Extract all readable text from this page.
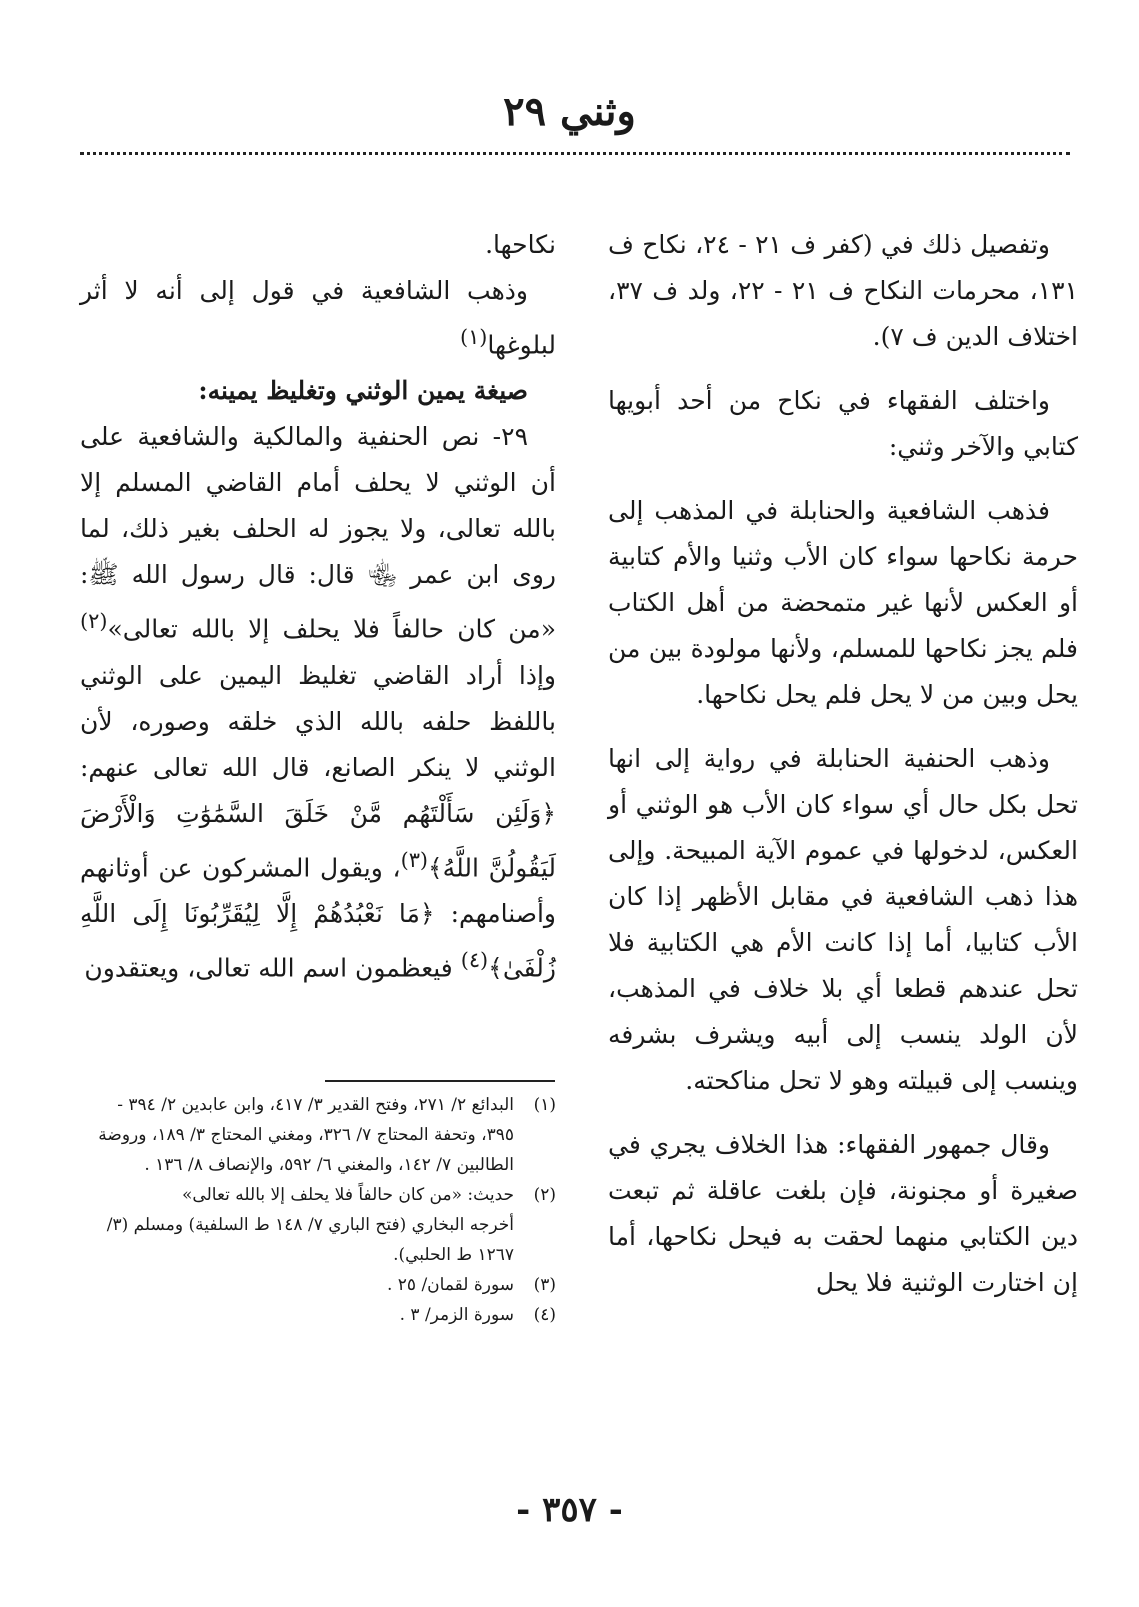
وثني ٢٩

وتفصيل ذلك في (كفر ف ٢١ - ٢٤، نكاح ف ١٣١، محرمات النكاح ف ٢١ - ٢٢، ولد ف ٣٧، اختلاف الدين ف ٧).

واختلف الفقهاء في نكاح من أحد أبويها كتابي والآخر وثني:

فذهب الشافعية والحنابلة في المذهب إلى حرمة نكاحها سواء كان الأب وثنيا والأم كتابية أو العكس لأنها غير متمحضة من أهل الكتاب فلم يجز نكاحها للمسلم، ولأنها مولودة بين من يحل وبين من لا يحل فلم يحل نكاحها.

وذهب الحنفية الحنابلة في رواية إلى انها تحل بكل حال أي سواء كان الأب هو الوثني أو العكس، لدخولها في عموم الآية المبيحة. وإلى هذا ذهب الشافعية في مقابل الأظهر إذا كان الأب كتابيا، أما إذا كانت الأم هي الكتابية فلا تحل عندهم قطعا أي بلا خلاف في المذهب، لأن الولد ينسب إلى أبيه ويشرف بشرفه وينسب إلى قبيلته وهو لا تحل مناكحته.

وقال جمهور الفقهاء: هذا الخلاف يجري في صغيرة أو مجنونة، فإن بلغت عاقلة ثم تبعت دين الكتابي منهما لحقت به فيحل نكاحها، أما إن اختارت الوثنية فلا يحل

نكاحها.

وذهب الشافعية في قول إلى أنه لا أثر لبلوغها$^{(١)}$

صيغة يمين الوثني وتغليظ يمينه:

٢٩- نص الحنفية والمالكية والشافعية على أن الوثني لا يحلف أمام القاضي المسلم إلا بالله تعالى، ولا يجوز له الحلف بغير ذلك، لما روى ابن عمر ﵄ قال: قال رسول الله ﷺ: «من كان حالفاً فلا يحلف إلا بالله تعالى»$^{(٢)}$ وإذا أراد القاضي تغليظ اليمين على الوثني باللفظ حلفه بالله الذي خلقه وصوره، لأن الوثني لا ينكر الصانع، قال الله تعالى عنهم: ﴿وَلَئِن سَأَلْتَهُم مَّنْ خَلَقَ السَّمَٰوَٰتِ وَالْأَرْضَ لَيَقُولُنَّ اللَّهُ﴾$^{(٣)}$، ويقول المشركون عن أوثانهم وأصنامهم: ﴿مَا نَعْبُدُهُمْ إِلَّا لِيُقَرِّبُونَا إِلَى اللَّهِ زُلْفَىٰ﴾$^{(٤)}$ فيعظمون اسم الله تعالى، ويعتقدون

(١)
البدائع ٢/ ٢٧١، وفتح القدير ٣/ ٤١٧، وابن عابدين ٢/ ٣٩٤ - ٣٩٥، وتحفة المحتاج ٧/ ٣٢٦، ومغني المحتاج ٣/ ١٨٩، وروضة الطالبين ٧/ ١٤٢، والمغني ٦/ ٥٩٢، والإنصاف ٨/ ١٣٦ .
(٢)
حديث: «من كان حالفاً فلا يحلف إلا بالله تعالى»
أخرجه البخاري (فتح الباري ٧/ ١٤٨ ط السلفية) ومسلم (٣/ ١٢٦٧ ط الحلبي).
(٣)
سورة لقمان/ ٢٥ .
(٤)
سورة الزمر/ ٣ .
- ٣٥٧ -
